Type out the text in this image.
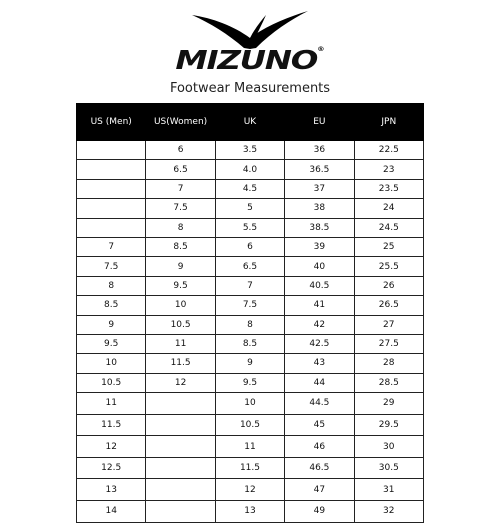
MIZUNO®
Footwear Measurements
US (Men)	US(Women)	UK	EU	JPN
	6	3.5	36	22.5
	6.5	4.0	36.5	23
	7	4.5	37	23.5
	7.5	5	38	24
	8	5.5	38.5	24.5
7	8.5	6	39	25
7.5	9	6.5	40	25.5
8	9.5	7	40.5	26
8.5	10	7.5	41	26.5
9	10.5	8	42	27
9.5	11	8.5	42.5	27.5
10	11.5	9	43	28
10.5	12	9.5	44	28.5
11		10	44.5	29
11.5		10.5	45	29.5
12		11	46	30
12.5		11.5	46.5	30.5
13		12	47	31
14		13	49	32
